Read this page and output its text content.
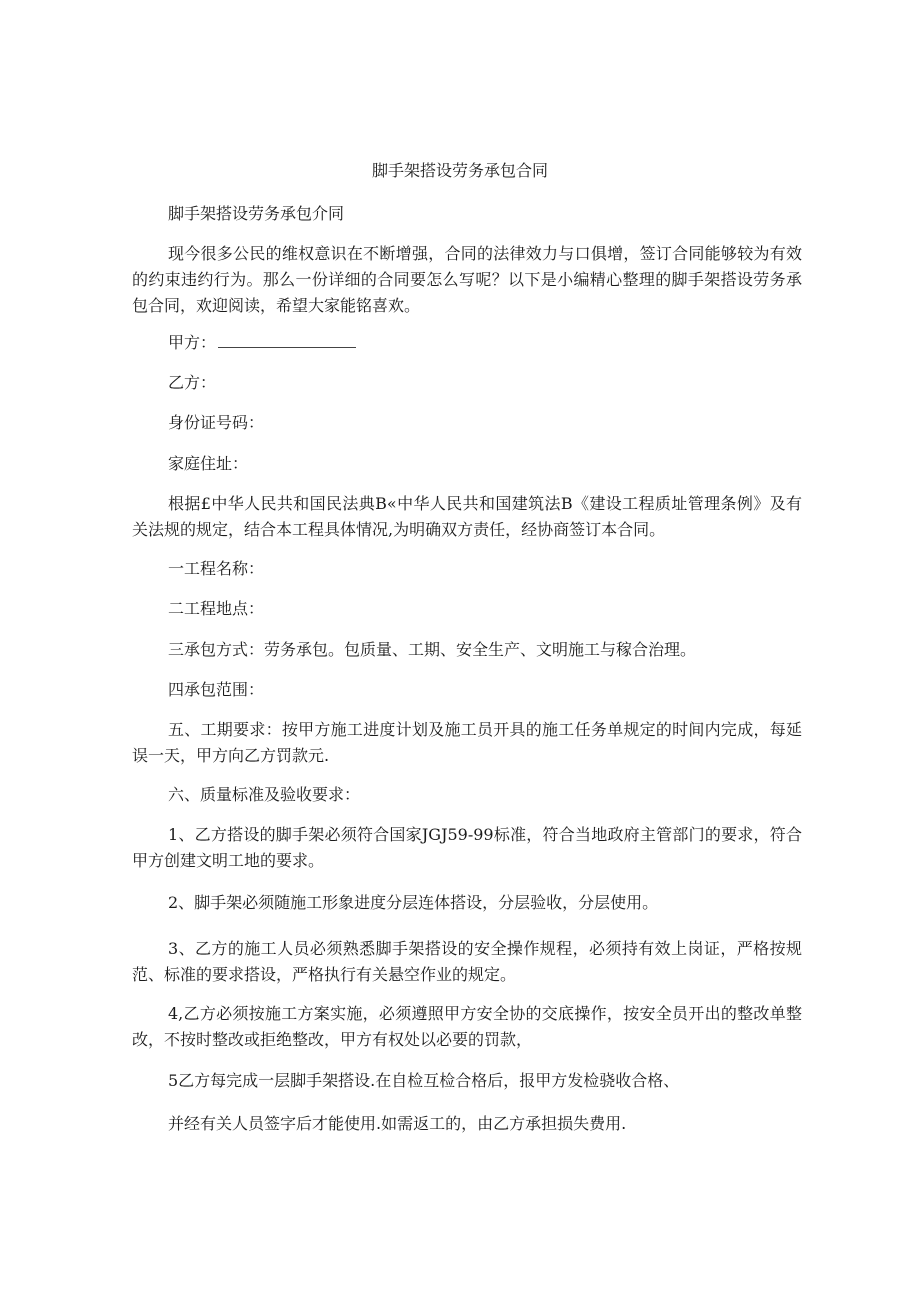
脚手架搭设劳务承包合同

脚手架搭设劳务承包介同

现今很多公民的维权意识在不断增强，合同的法律效力与口俱增，签订合同能够较为有效的约束违约行为。那么一份详细的合同要怎么写呢？以下是小编精心整理的脚手架搭设劳务承包合同，欢迎阅读，希望大家能铭喜欢。

甲方：

乙方：

身份证号码：

家庭住址：

根据£中华人民共和国民法典B«中华人民共和国建筑法B《建设工程质址管理条例》及有关法规的规定，结合本工程具体情况,为明确双方责任，经协商签订本合同。

一工程名称：

二工程地点：

三承包方式：劳务承包。包质量、工期、安全生产、文明施工与稼合治理。

四承包范围：

五、工期要求：按甲方施工进度计划及施工员开具的施工任务单规定的时间内完成，每延误一天，甲方向乙方罚款元.

六、质量标准及验收要求：

1、乙方搭设的脚手架必须符合国家JGJ59-99标准，符合当地政府主管部门的要求，符合甲方创建文明工地的要求。

2、脚手架必须随施工形象进度分层连体搭设，分层验收，分层使用。

3、乙方的施工人员必须熟悉脚手架搭设的安全操作规程，必须持有效上岗证，严格按规范、标准的要求搭设，严格执行有关悬空作业的规定。

4,乙方必须按施工方案实施，必须遵照甲方安全协的交底操作，按安全员开出的整改单整改，不按时整改或拒绝整改，甲方有权处以必要的罚款，

5乙方每完成一层脚手架搭设.在自检互检合格后，报甲方发检骁收合格、

并经有关人员签字后才能使用.如需返工的，由乙方承担损失费用.
